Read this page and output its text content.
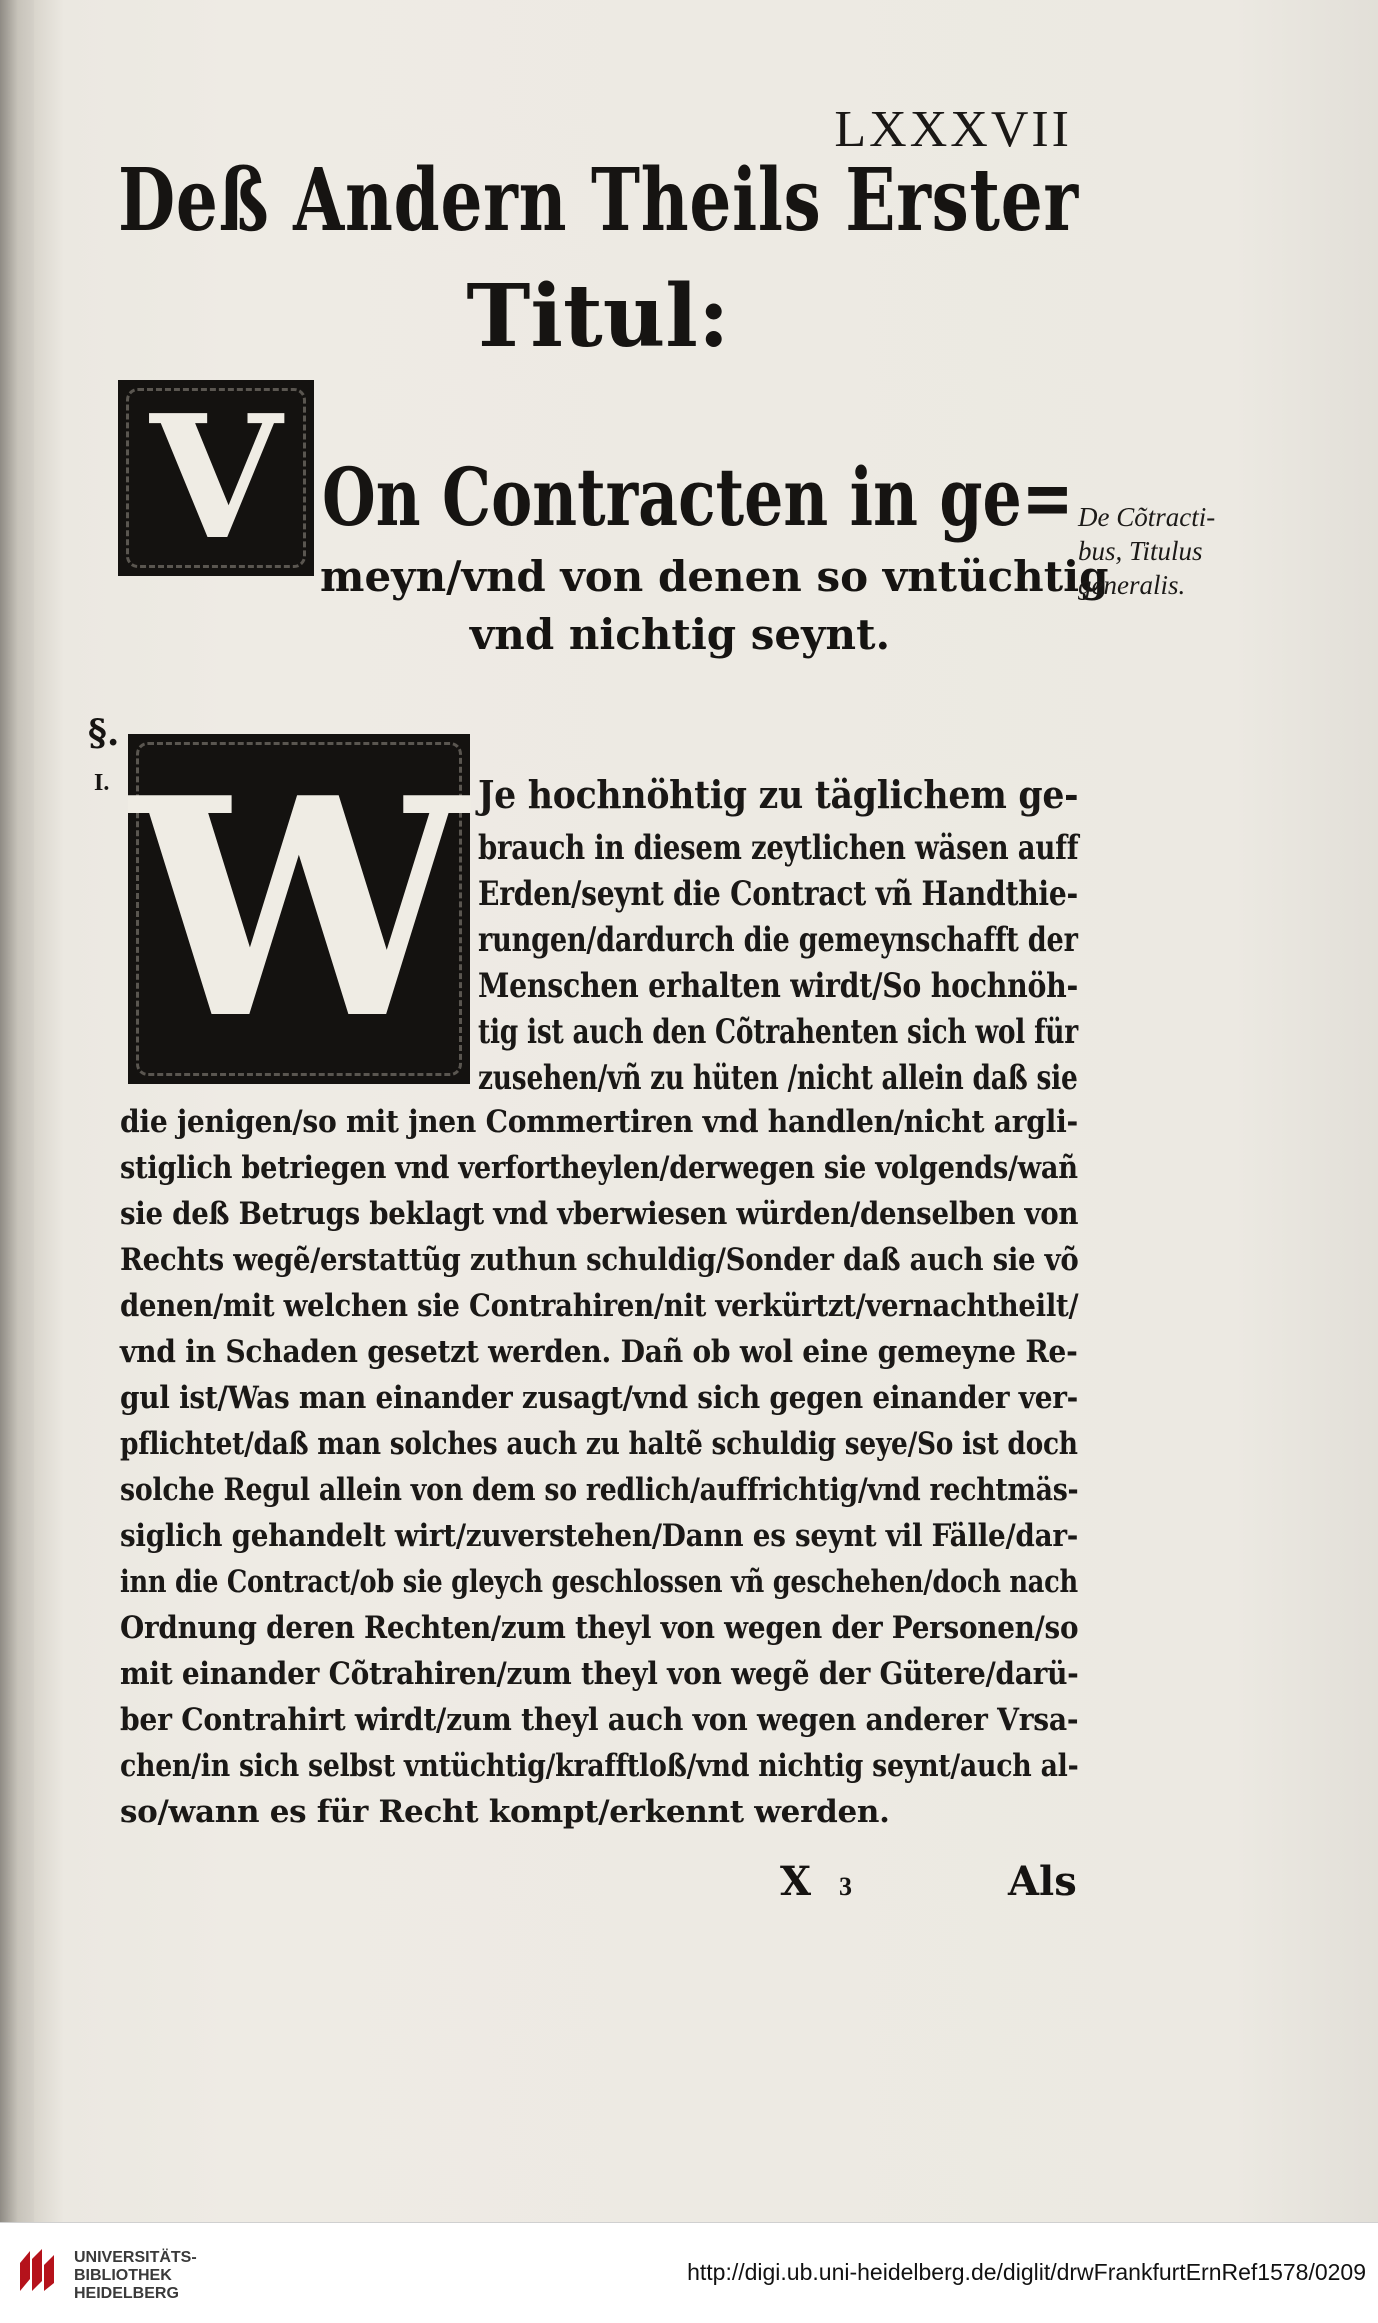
LXXXVII
Deß Andern Theils Erster
Titul:
V On Contracten in ge=
meyn/vnd von denen so vntüchtig
vnd nichtig seynt.
De Cõtracti-
bus, Titulus
generalis.
§.
I. W Je hochnöhtig zu täglichem ge-
brauch in diesem zeytlichen wäsen auff
Erden/seynt die Contract vñ Handthie-
rungen/dardurch die gemeynschafft der
Menschen erhalten wirdt/So hochnöh-
tig ist auch den Cõtrahenten sich wol für
zusehen/vñ zu hüten /nicht allein daß sie
die jenigen/so mit jnen Commertiren vnd handlen/nicht argli-
stiglich betriegen vnd verfortheylen/derwegen sie volgends/wañ
sie deß Betrugs beklagt vnd vberwiesen würden/denselben von
Rechts wegẽ/erstattũg zuthun schuldig/Sonder daß auch sie võ
denen/mit welchen sie Contrahiren/nit verkürtzt/vernachtheilt/
vnd in Schaden gesetzt werden. Dañ ob wol eine gemeyne Re-
gul ist/Was man einander zusagt/vnd sich gegen einander ver-
pflichtet/daß man solches auch zu haltẽ schuldig seye/So ist doch
solche Regul allein von dem so redlich/auffrichtig/vnd rechtmäs-
siglich gehandelt wirt/zuverstehen/Dann es seynt vil Fälle/dar-
inn die Contract/ob sie gleych geschlossen vñ geschehen/doch nach
Ordnung deren Rechten/zum theyl von wegen der Personen/so
mit einander Cõtrahiren/zum theyl von wegẽ der Gütere/darü-
ber Contrahirt wirdt/zum theyl auch von wegen anderer Vrsa-
chen/in sich selbst vntüchtig/krafftloß/vnd nichtig seynt/auch al-
so/wann es für Recht kompt/erkennt werden.
X 3	Als
UNIVERSITÄTS-
BIBLIOTHEK
HEIDELBERG
http://digi.ub.uni-heidelberg.de/diglit/drwFrankfurtErnRef1578/0209
